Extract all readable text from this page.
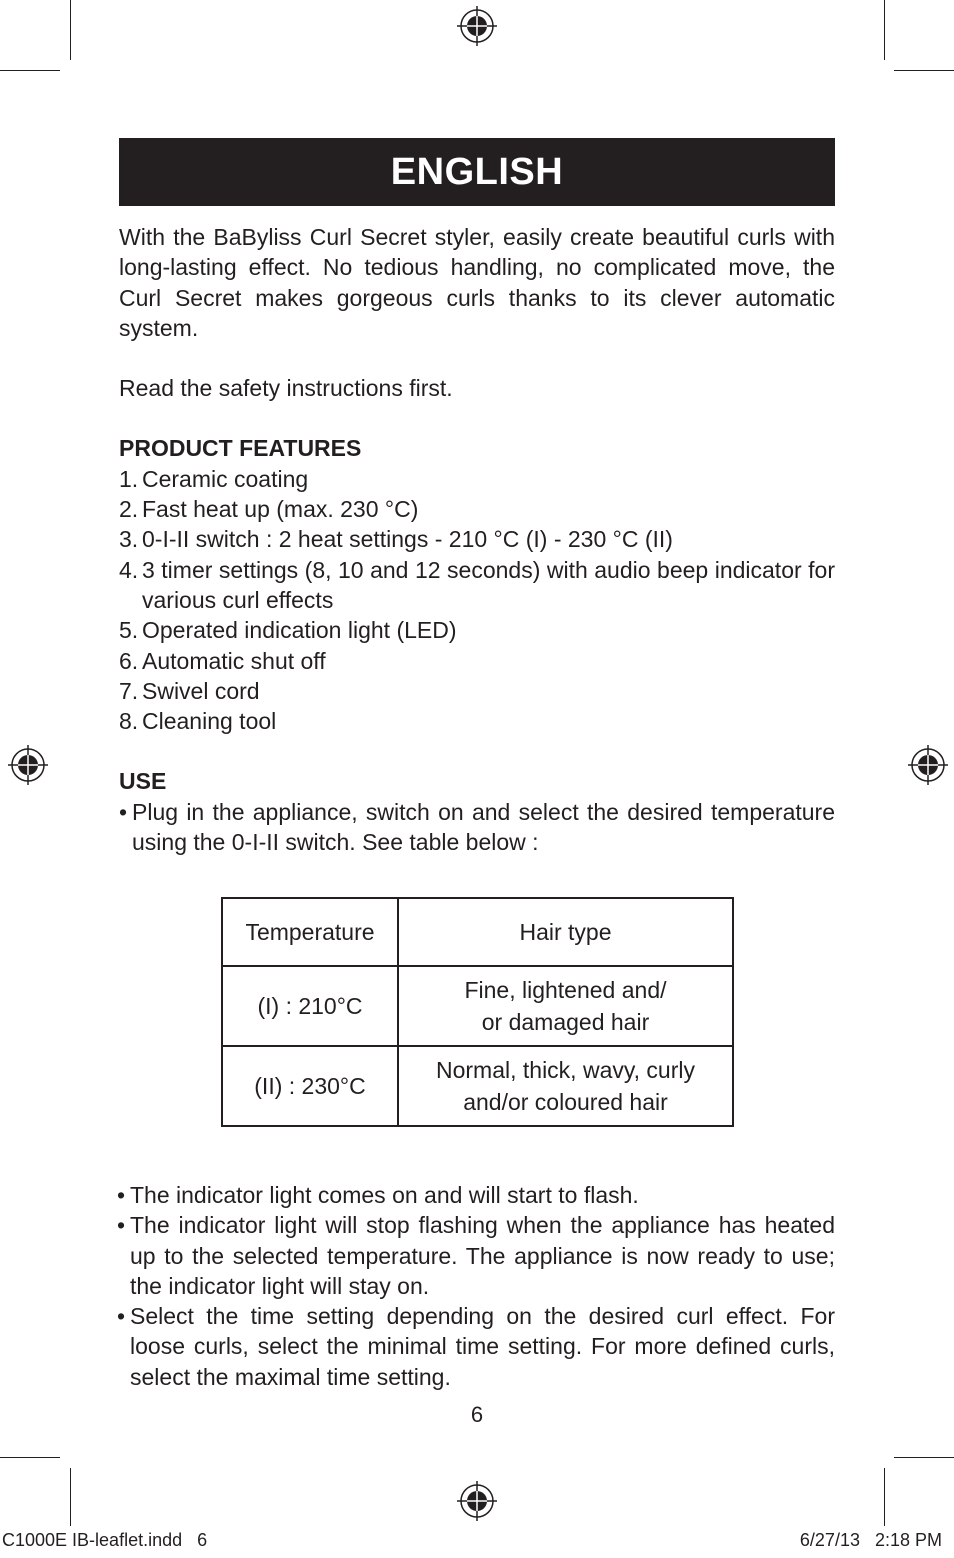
ENGLISH

With the BaByliss Curl Secret styler, easily create beautiful curls with long-lasting effect. No tedious handling, no complicated move, the Curl Secret makes gorgeous curls thanks to its clever automatic system.

Read the safety instructions first.

PRODUCT FEATURES

1. Ceramic coating
2. Fast heat up (max. 230 °C)
3. 0-I-II switch : 2 heat settings - 210 °C (I) - 230 °C (II)
4. 3 timer settings (8, 10 and 12 seconds) with audio beep indicator for various curl effects
5. Operated indication light (LED)
6. Automatic shut off
7. Swivel cord
8. Cleaning tool

USE

• Plug in the appliance, switch on and select the desired temperature using the 0-I-II switch. See table below :
Temperature	Hair type
(I) : 210°C	Fine, lightened and/
or damaged hair
(II) : 230°C	Normal, thick, wavy, curly
and/or coloured hair
• The indicator light comes on and will start to flash.
• The indicator light will stop flashing when the appliance has heated up to the selected temperature. The appliance is now ready to use; the indicator light will stay on.
• Select the time setting depending on the desired curl effect. For loose curls, select the minimal time setting. For more defined curls, select the maximal time setting.
6
C1000E IB-leaflet.indd   6	6/27/13   2:18 PM
